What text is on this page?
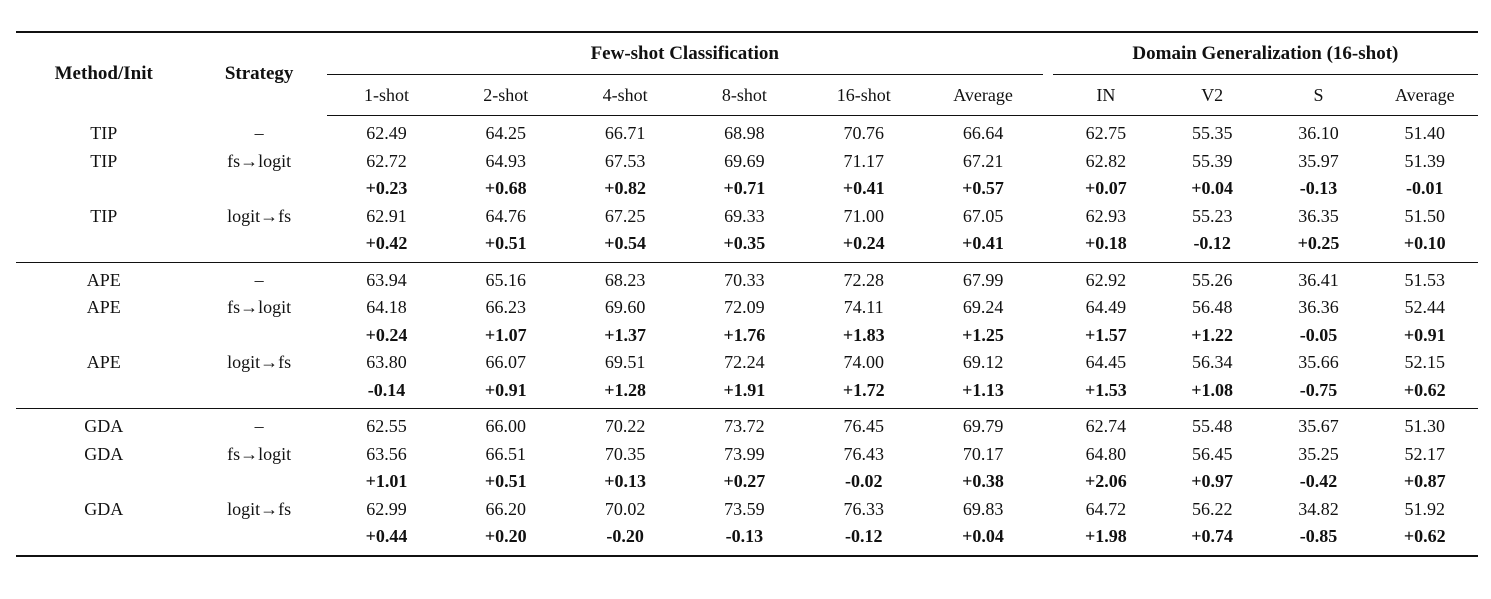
Method/Init	Strategy	Few-shot Classification							Domain Generalization (16-shot)			

		1-shot	2-shot	4-shot	8-shot	16-shot	Average		IN	V2	S	Average
TIP	–	62.49	64.25	66.71	68.98	70.76	66.64		62.75	55.35	36.10	51.40
TIP	fs→logit	62.72	64.93	67.53	69.69	71.17	67.21		62.82	55.39	35.97	51.39
		+0.23	+0.68	+0.82	+0.71	+0.41	+0.57		+0.07	+0.04	-0.13	-0.01
TIP	logit→fs	62.91	64.76	67.25	69.33	71.00	67.05		62.93	55.23	36.35	51.50
		+0.42	+0.51	+0.54	+0.35	+0.24	+0.41		+0.18	-0.12	+0.25	+0.10
APE	–	63.94	65.16	68.23	70.33	72.28	67.99		62.92	55.26	36.41	51.53
APE	fs→logit	64.18	66.23	69.60	72.09	74.11	69.24		64.49	56.48	36.36	52.44
		+0.24	+1.07	+1.37	+1.76	+1.83	+1.25		+1.57	+1.22	-0.05	+0.91
APE	logit→fs	63.80	66.07	69.51	72.24	74.00	69.12		64.45	56.34	35.66	52.15
		-0.14	+0.91	+1.28	+1.91	+1.72	+1.13		+1.53	+1.08	-0.75	+0.62
GDA	–	62.55	66.00	70.22	73.72	76.45	69.79		62.74	55.48	35.67	51.30
GDA	fs→logit	63.56	66.51	70.35	73.99	76.43	70.17		64.80	56.45	35.25	52.17
		+1.01	+0.51	+0.13	+0.27	-0.02	+0.38		+2.06	+0.97	-0.42	+0.87
GDA	logit→fs	62.99	66.20	70.02	73.59	76.33	69.83		64.72	56.22	34.82	51.92
		+0.44	+0.20	-0.20	-0.13	-0.12	+0.04		+1.98	+0.74	-0.85	+0.62
